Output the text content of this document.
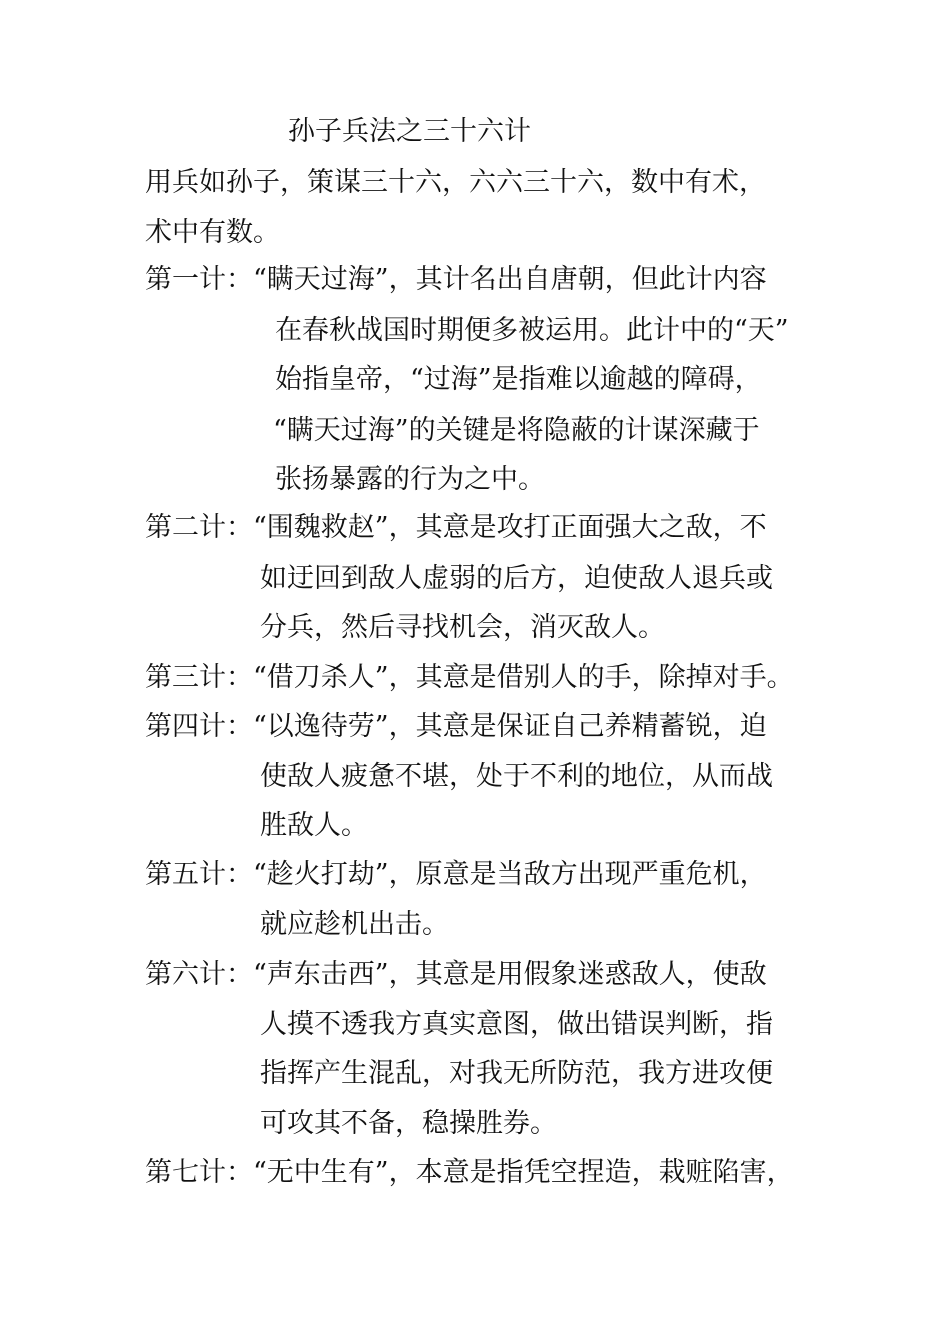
孙子兵法之三十六计
用兵如孙子，策谋三十六，六六三十六，数中有术，
术中有数。
第一计：“瞒天过海”，其计名出自唐朝，但此计内容
在春秋战国时期便多被运用。此计中的“天”
始指皇帝，“过海”是指难以逾越的障碍，
“瞒天过海”的关键是将隐蔽的计谋深藏于
张扬暴露的行为之中。
第二计：“围魏救赵”，其意是攻打正面强大之敌，不
如迂回到敌人虚弱的后方，迫使敌人退兵或
分兵，然后寻找机会，消灭敌人。
第三计：“借刀杀人”，其意是借别人的手，除掉对手。
第四计：“以逸待劳”，其意是保证自己养精蓄锐，迫
使敌人疲惫不堪，处于不利的地位，从而战
胜敌人。
第五计：“趁火打劫”，原意是当敌方出现严重危机，
就应趁机出击。
第六计：“声东击西”，其意是用假象迷惑敌人，使敌
人摸不透我方真实意图，做出错误判断，指
指挥产生混乱，对我无所防范，我方进攻便
可攻其不备，稳操胜券。
第七计：“无中生有”，本意是指凭空捏造，栽赃陷害，
